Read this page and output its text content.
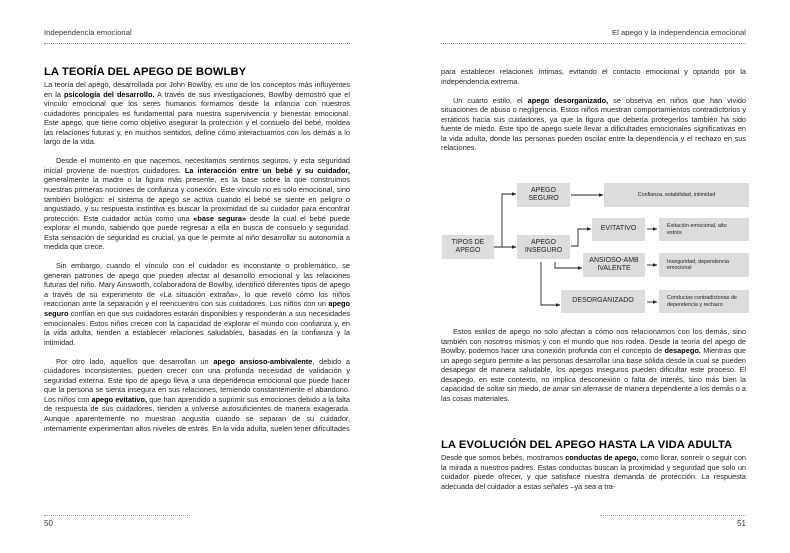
Independencia emocional
LA TEORÍA DEL APEGO DE BOWLBY

La teoría del apego, desarrollada por John Bowlby, es uno de los conceptos más influyentes en la psicología del desarrollo. A través de sus investigaciones, Bowlby demostró que el vínculo emocional que los seres humanos formamos desde la infancia con nuestros cuidadores principales es fundamental para nuestra supervivencia y bienestar emocional. Este apego, que tiene como objetivo asegurar la protección y el consuelo del bebé, moldea las relaciones futuras y, en muchos sentidos, define cómo interactuamos con los demás a lo largo de la vida.

Desde el momento en que nacemos, necesitamos sentirnos seguros, y esta seguridad inicial proviene de nuestros cuidadores. La interacción entre un bebé y su cuidador, generalmente la madre o la figura más presente, es la base sobre la que construimos nuestras primeras nociones de confianza y conexión. Este vínculo no es solo emocional, sino también biológico: el sistema de apego se activa cuando el bebé se siente en peligro o angustiado, y su respuesta instintiva es buscar la proximidad de su cuidador para encontrar protección. Este cuidador actúa como una «base segura» desde la cual el bebé puede explorar el mundo, sabiendo que puede regresar a ella en busca de consuelo y seguridad. Esta sensación de seguridad es crucial, ya que le permite al niño desarrollar su autonomía a medida que crece.

Sin embargo, cuando el vínculo con el cuidador es inconstante o problemático, se generan patrones de apego que pueden afectar al desarrollo emocional y las relaciones futuras del niño. Mary Ainsworth, colaboradora de Bowlby, identificó diferentes tipos de apego a través de su experimento de «La situación extraña», lo que reveló cómo los niños reaccionan ante la separación y el reencuentro con sus cuidadores. Los niños con un apego seguro confían en que sus cuidadores estarán disponibles y responderán a sus necesidades emocionales. Estos niños crecen con la capacidad de explorar el mundo con confianza y, en la vida adulta, tienden a establecer relaciones saludables, basadas en la confianza y la intimidad.

Por otro lado, aquellos que desarrollan un apego ansioso-ambivalente, debido a cuidadores inconsistentes, pueden crecer con una profunda necesidad de validación y seguridad externa. Este tipo de apego lleva a una dependencia emocional que puede hacer que la persona se sienta insegura en sus relaciones, temiendo constantemente el abandono. Los niños con apego evitativo, que han aprendido a suprimir sus emociones debido a la falta de respuesta de sus cuidadores, tienden a volverse autosuficientes de manera exagerada. Aunque aparentemente no muestran angustia cuando se separan de su cuidador, internamente experimentan altos niveles de estrés. En la vida adulta, suelen tener dificultades

50
El apego y la independencia emocional

para establecer relaciones íntimas, evitando el contacto emocional y optando por la independencia extrema.

Un cuarto estilo, el apego desorganizado, se observa en niños que han vivido situaciones de abuso o negligencia. Estos niños muestran comportamientos contradictorios y erráticos hacia sus cuidadores, ya que la figura que debería protegerlos también ha sido fuente de miedo. Este tipo de apego suele llevar a dificultades emocionales significativas en la vida adulta, donde las personas pueden oscilar entre la dependencia y el rechazo en sus relaciones.

TIPOS DE APEGO
APEGO SEGURO
Confianza, estabilidad, intimidad
APEGO INSEGURO
EVITATIVO	Evitación emocional, alto estrés
ANSIOSO-AMBIVALENTE
Inseguridad, dependencia emocional
DESORGANIZADO	Conductas contradictorias de dependencia y rechazo

Estos estilos de apego no solo afectan a cómo nos relacionamos con los demás, sino también con nosotros mismos y con el mundo que nos rodea. Desde la teoría del apego de Bowlby, podemos hacer una conexión profunda con el concepto de desapego. Mientras que un apego seguro permite a las personas desarrollar una base sólida desde la cual se pueden desapegar de manera saludable, los apegos inseguros pueden dificultar este proceso. El desapego, en este contexto, no implica desconexión o falta de interés, sino más bien la capacidad de soltar sin miedo, de amar sin aferrarse de manera dependiente a los demás o a las cosas materiales.

LA EVOLUCIÓN DEL APEGO HASTA LA VIDA ADULTA

Desde que somos bebés, mostramos conductas de apego, como llorar, sonreír o seguir con la mirada a nuestros padres. Estas conductas buscan la proximidad y seguridad que solo un cuidador puede ofrecer, y que satisface nuestra demanda de protección. La respuesta adecuada del cuidador a estas señales –ya sea a tra-

51
